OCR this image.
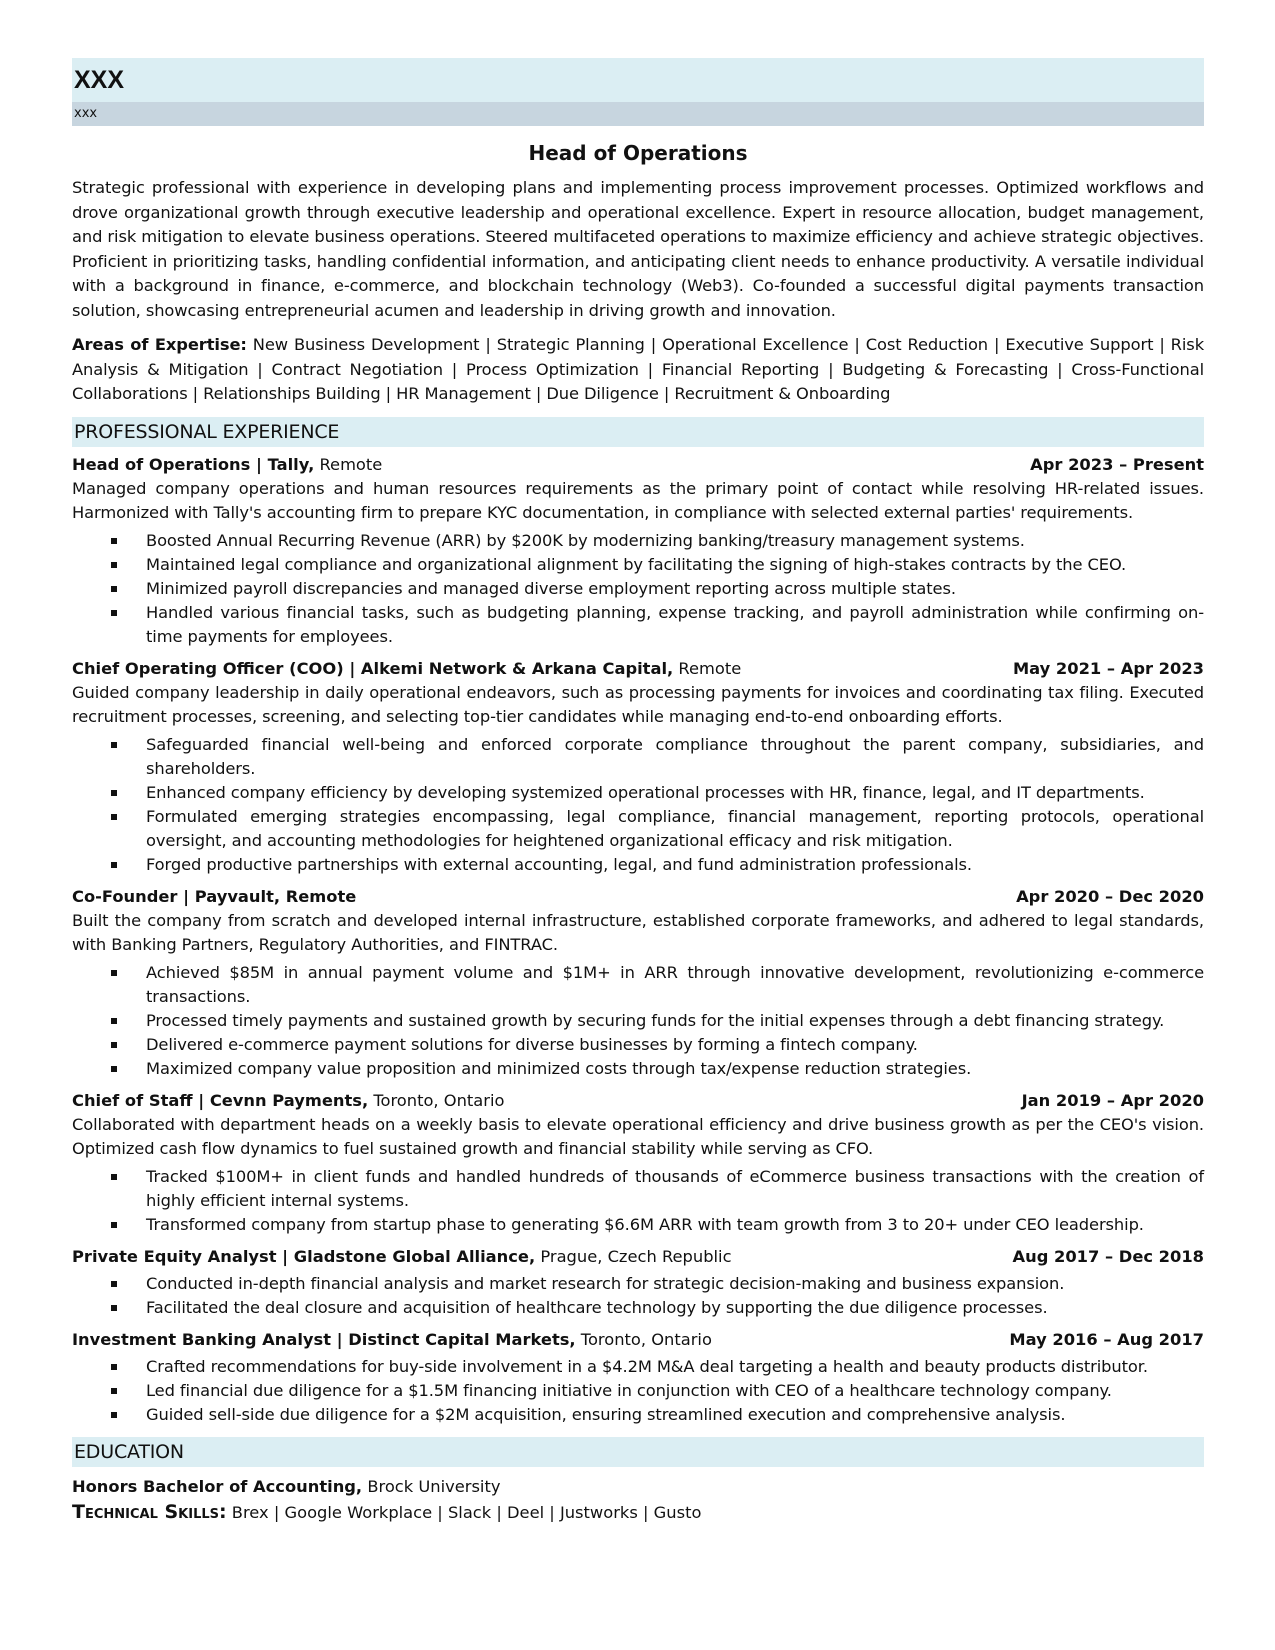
XXX
xxx
Head of Operations
Strategic professional with experience in developing plans and implementing process improvement processes. Optimized workflows and drove organizational growth through executive leadership and operational excellence. Expert in resource allocation, budget management, and risk mitigation to elevate business operations. Steered multifaceted operations to maximize efficiency and achieve strategic objectives. Proficient in prioritizing tasks, handling confidential information, and anticipating client needs to enhance productivity. A versatile individual with a background in finance, e-commerce, and blockchain technology (Web3). Co-founded a successful digital payments transaction solution, showcasing entrepreneurial acumen and leadership in driving growth and innovation.
Areas of Expertise: New Business Development | Strategic Planning | Operational Excellence | Cost Reduction | Executive Support | Risk Analysis & Mitigation | Contract Negotiation | Process Optimization | Financial Reporting | Budgeting & Forecasting | Cross-Functional Collaborations | Relationships Building | HR Management | Due Diligence | Recruitment & Onboarding
PROFESSIONAL EXPERIENCE
Head of Operations | Tally, Remote	Apr 2023 – Present
Managed company operations and human resources requirements as the primary point of contact while resolving HR-related issues. Harmonized with Tally's accounting firm to prepare KYC documentation, in compliance with selected external parties' requirements.
Boosted Annual Recurring Revenue (ARR) by $200K by modernizing banking/treasury management systems.
Maintained legal compliance and organizational alignment by facilitating the signing of high-stakes contracts by the CEO.
Minimized payroll discrepancies and managed diverse employment reporting across multiple states.
Handled various financial tasks, such as budgeting planning, expense tracking, and payroll administration while confirming on-time payments for employees.
Chief Operating Officer (COO) | Alkemi Network & Arkana Capital, Remote	May 2021 – Apr 2023
Guided company leadership in daily operational endeavors, such as processing payments for invoices and coordinating tax filing. Executed recruitment processes, screening, and selecting top-tier candidates while managing end-to-end onboarding efforts.
Safeguarded financial well-being and enforced corporate compliance throughout the parent company, subsidiaries, and shareholders.
Enhanced company efficiency by developing systemized operational processes with HR, finance, legal, and IT departments.
Formulated emerging strategies encompassing, legal compliance, financial management, reporting protocols, operational oversight, and accounting methodologies for heightened organizational efficacy and risk mitigation.
Forged productive partnerships with external accounting, legal, and fund administration professionals.
Co-Founder | Payvault, Remote	Apr 2020 – Dec 2020
Built the company from scratch and developed internal infrastructure, established corporate frameworks, and adhered to legal standards, with Banking Partners, Regulatory Authorities, and FINTRAC.
Achieved $85M in annual payment volume and $1M+ in ARR through innovative development, revolutionizing e-commerce transactions.
Processed timely payments and sustained growth by securing funds for the initial expenses through a debt financing strategy.
Delivered e-commerce payment solutions for diverse businesses by forming a fintech company.
Maximized company value proposition and minimized costs through tax/expense reduction strategies.
Chief of Staff | Cevnn Payments, Toronto, Ontario	Jan 2019 – Apr 2020
Collaborated with department heads on a weekly basis to elevate operational efficiency and drive business growth as per the CEO's vision. Optimized cash flow dynamics to fuel sustained growth and financial stability while serving as CFO.
Tracked $100M+ in client funds and handled hundreds of thousands of eCommerce business transactions with the creation of highly efficient internal systems.
Transformed company from startup phase to generating $6.6M ARR with team growth from 3 to 20+ under CEO leadership.
Private Equity Analyst | Gladstone Global Alliance, Prague, Czech Republic	Aug 2017 – Dec 2018
Conducted in-depth financial analysis and market research for strategic decision-making and business expansion.
Facilitated the deal closure and acquisition of healthcare technology by supporting the due diligence processes.
Investment Banking Analyst | Distinct Capital Markets, Toronto, Ontario	May 2016 – Aug 2017
Crafted recommendations for buy-side involvement in a $4.2M M&A deal targeting a health and beauty products distributor.
Led financial due diligence for a $1.5M financing initiative in conjunction with CEO of a healthcare technology company.
Guided sell-side due diligence for a $2M acquisition, ensuring streamlined execution and comprehensive analysis.
EDUCATION
Honors Bachelor of Accounting, Brock University
Technical Skills: Brex | Google Workplace | Slack | Deel | Justworks | Gusto
